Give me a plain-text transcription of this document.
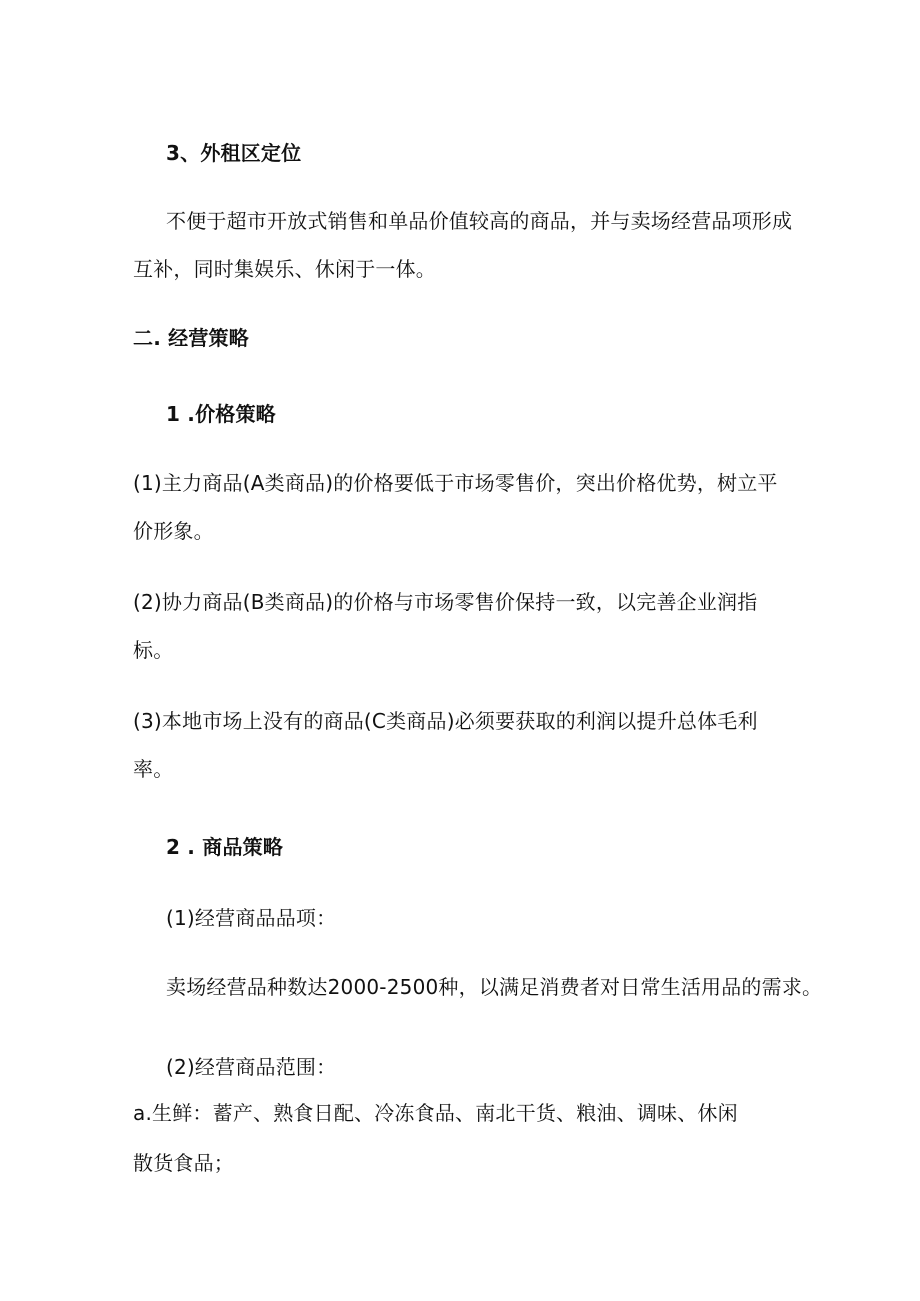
3、外租区定位
不便于超市开放式销售和单品价值较高的商品，并与卖场经营品项形成
互补，同时集娱乐、休闲于一体。
二. 经营策略
1 .价格策略
(1)主力商品(A类商品)的价格要低于市场零售价，突出价格优势，树立平
价形象。
(2)协力商品(B类商品)的价格与市场零售价保持一致，以完善企业润指
标。
(3)本地市场上没有的商品(C类商品)必须要获取的利润以提升总体毛利
率。
2 . 商品策略
(1)经营商品品项：
卖场经营品种数达2000-2500种，以满足消费者对日常生活用品的需求。
(2)经营商品范围：
a.生鲜：蓄产、熟食日配、冷冻食品、南北干货、粮油、调味、休闲
散货食品；
